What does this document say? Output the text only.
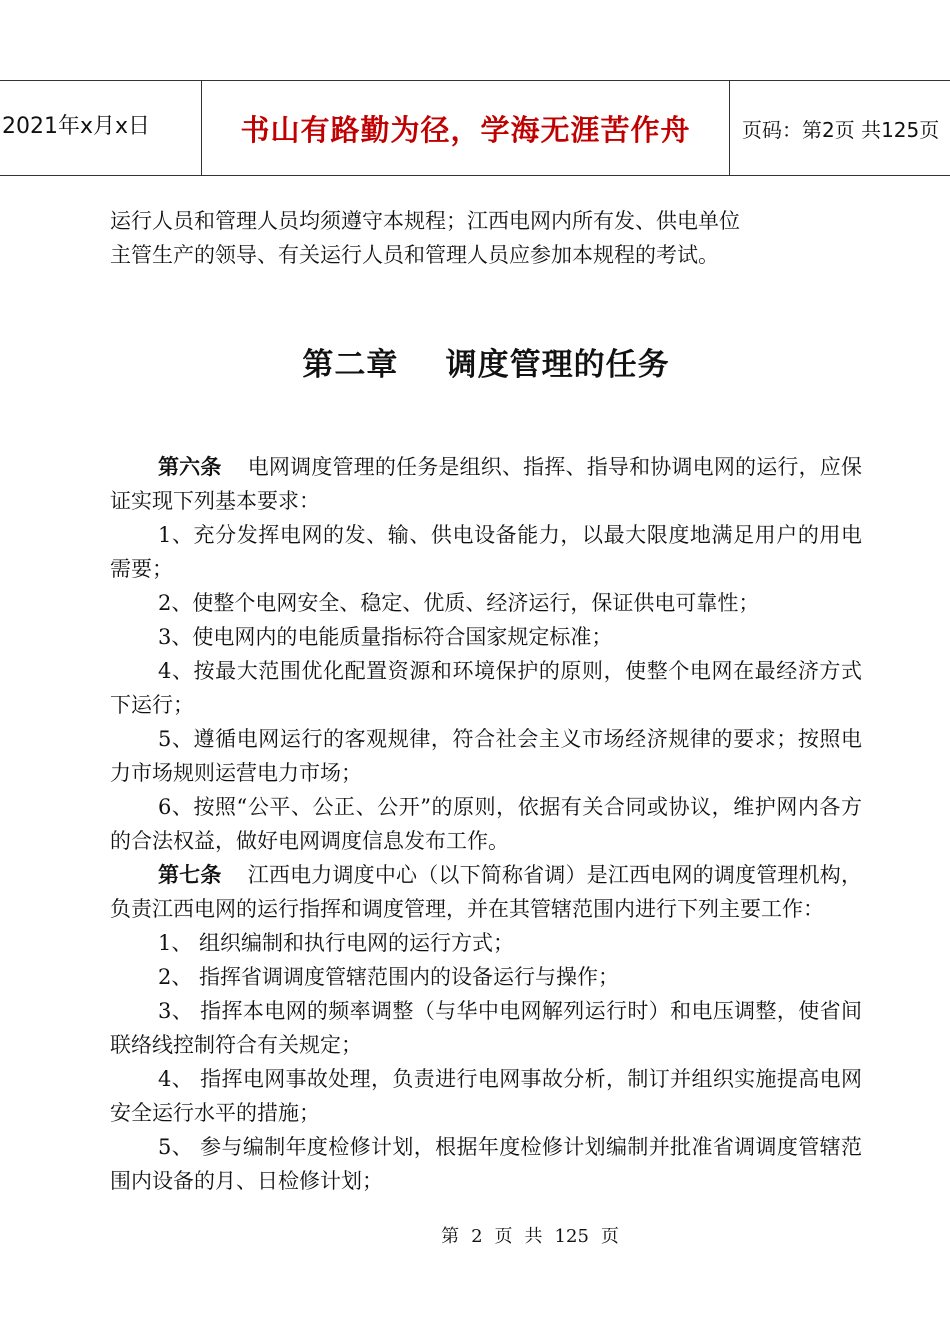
2021年x月x日	书山有路勤为径，学海无涯苦作舟	页码：第2页 共125页

运行人员和管理人员均须遵守本规程；江西电网内所有发、供电单位

主管生产的领导、有关运行人员和管理人员应参加本规程的考试。

第二章    调度管理的任务

第六条 电网调度管理的任务是组织、指挥、指导和协调电网的运行，应保证实现下列基本要求：

1、充分发挥电网的发、输、供电设备能力，以最大限度地满足用户的用电需要；

2、使整个电网安全、稳定、优质、经济运行，保证供电可靠性；

3、使电网内的电能质量指标符合国家规定标准；

4、按最大范围优化配置资源和环境保护的原则，使整个电网在最经济方式下运行；

5、遵循电网运行的客观规律，符合社会主义市场经济规律的要求；按照电力市场规则运营电力市场；

6、按照“公平、公正、公开”的原则，依据有关合同或协议，维护网内各方的合法权益，做好电网调度信息发布工作。

第七条 江西电力调度中心（以下简称省调）是江西电网的调度管理机构，负责江西电网的运行指挥和调度管理，并在其管辖范围内进行下列主要工作：

1、 组织编制和执行电网的运行方式；

2、 指挥省调调度管辖范围内的设备运行与操作；

3、 指挥本电网的频率调整（与华中电网解列运行时）和电压调整，使省间联络线控制符合有关规定；

4、 指挥电网事故处理，负责进行电网事故分析，制订并组织实施提高电网安全运行水平的措施；

5、 参与编制年度检修计划，根据年度检修计划编制并批准省调调度管辖范围内设备的月、日检修计划；

第 2 页 共 125 页
